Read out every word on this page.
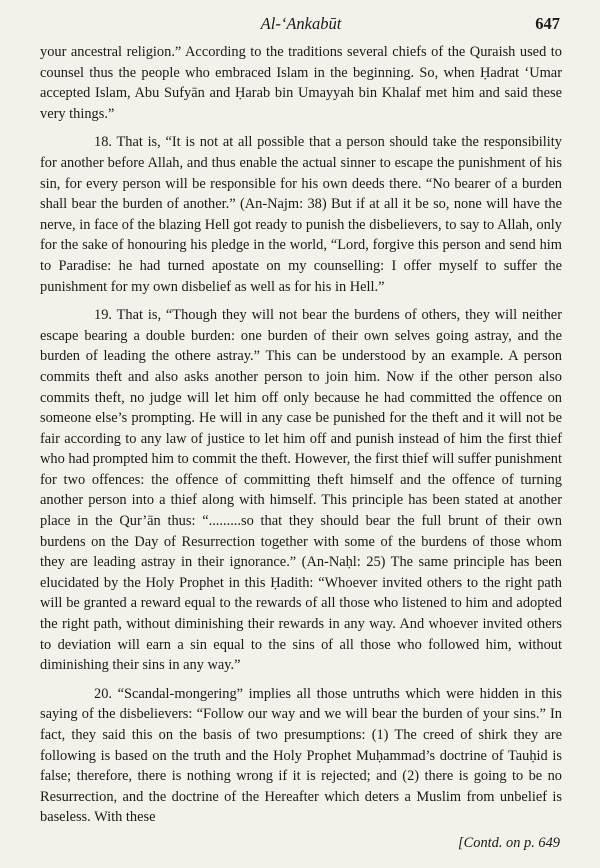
Al-‘Ankabūt	647

your ancestral religion.” According to the traditions several chiefs of the Quraish used to counsel thus the people who embraced Islam in the beginning. So, when Ḥadrat ‘Umar accepted Islam, Abu Sufyān and Ḥarab bin Umayyah bin Khalaf met him and said these very things.”

18. That is, “It is not at all possible that a person should take the responsibility for another before Allah, and thus enable the actual sinner to escape the punishment of his sin, for every person will be responsible for his own deeds there. “No bearer of a burden shall bear the burden of another.” (An-Najm: 38) But if at all it be so, none will have the nerve, in face of the blazing Hell got ready to punish the disbelievers, to say to Allah, only for the sake of honouring his pledge in the world, “Lord, forgive this person and send him to Paradise: he had turned apostate on my counselling: I offer myself to suffer the punishment for my own disbelief as well as for his in Hell.”

19. That is, “Though they will not bear the burdens of others, they will neither escape bearing a double burden: one burden of their own selves going astray, and the burden of leading the othere astray.” This can be understood by an example. A person commits theft and also asks another person to join him. Now if the other person also commits theft, no judge will let him off only because he had committed the offence on someone else’s prompting. He will in any case be punished for the theft and it will not be fair according to any law of justice to let him off and punish instead of him the first thief who had prompted him to commit the theft. However, the first thief will suffer punishment for two offences: the offence of committing theft himself and the offence of turning another person into a thief along with himself. This principle has been stated at another place in the Qur’ān thus: “.........so that they should bear the full brunt of their own burdens on the Day of Resurrection together with some of the burdens of those whom they are leading astray in their ignorance.” (An-Naḥl: 25) The same principle has been elucidated by the Holy Prophet in this Ḥadith: “Whoever invited others to the right path will be granted a reward equal to the rewards of all those who listened to him and adopted the right path, without diminishing their rewards in any way. And whoever invited others to deviation will earn a sin equal to the sins of all those who followed him, without diminishing their sins in any way.”

20. “Scandal-mongering” implies all those untruths which were hidden in this saying of the disbelievers: “Follow our way and we will bear the burden of your sins.” In fact, they said this on the basis of two presumptions: (1) The creed of shirk they are following is based on the truth and the Holy Prophet Muḥammad’s doctrine of Tauḥid is false; therefore, there is nothing wrong if it is rejected; and (2) there is going to be no Resurrection, and the doctrine of the Hereafter which deters a Muslim from unbelief is baseless. With these

[Contd. on p. 649
